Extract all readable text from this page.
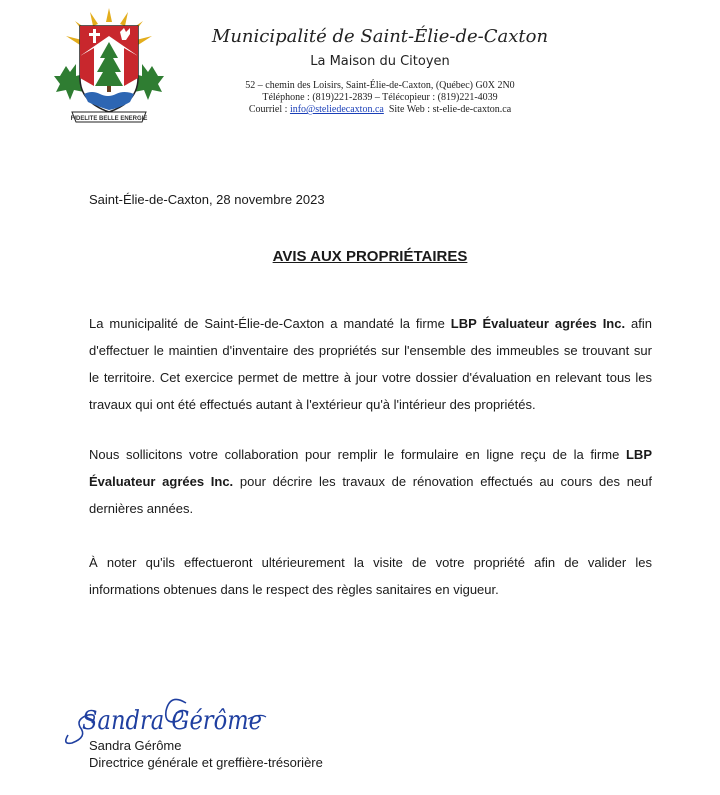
FIDELITE BELLE ENERGIE
Municipalité de Saint-Élie-de-Caxton
La Maison du Citoyen
52 – chemin des Loisirs, Saint-Élie-de-Caxton, (Québec) G0X 2N0
Téléphone : (819)221-2839 – Télécopieur : (819)221-4039
Courriel : info@steliedecaxton.ca Site Web : st-elie-de-caxton.ca
Saint-Élie-de-Caxton, 28 novembre 2023
AVIS AUX PROPRIÉTAIRES
La municipalité de Saint-Élie-de-Caxton a mandaté la firme LBP Évaluateur agrées Inc. afin d'effectuer le maintien d'inventaire des propriétés sur l'ensemble des immeubles se trouvant sur le territoire. Cet exercice permet de mettre à jour votre dossier d'évaluation en relevant tous les travaux qui ont été effectués autant à l'extérieur qu'à l'intérieur des propriétés.
Nous sollicitons votre collaboration pour remplir le formulaire en ligne reçu de la firme LBP Évaluateur agrées Inc. pour décrire les travaux de rénovation effectués au cours des neuf dernières années.
À noter qu'ils effectueront ultérieurement la visite de votre propriété afin de valider les informations obtenues dans le respect des règles sanitaires en vigueur.
Sandra Gérôme
Sandra Gérôme
Directrice générale et greffière-trésorière
